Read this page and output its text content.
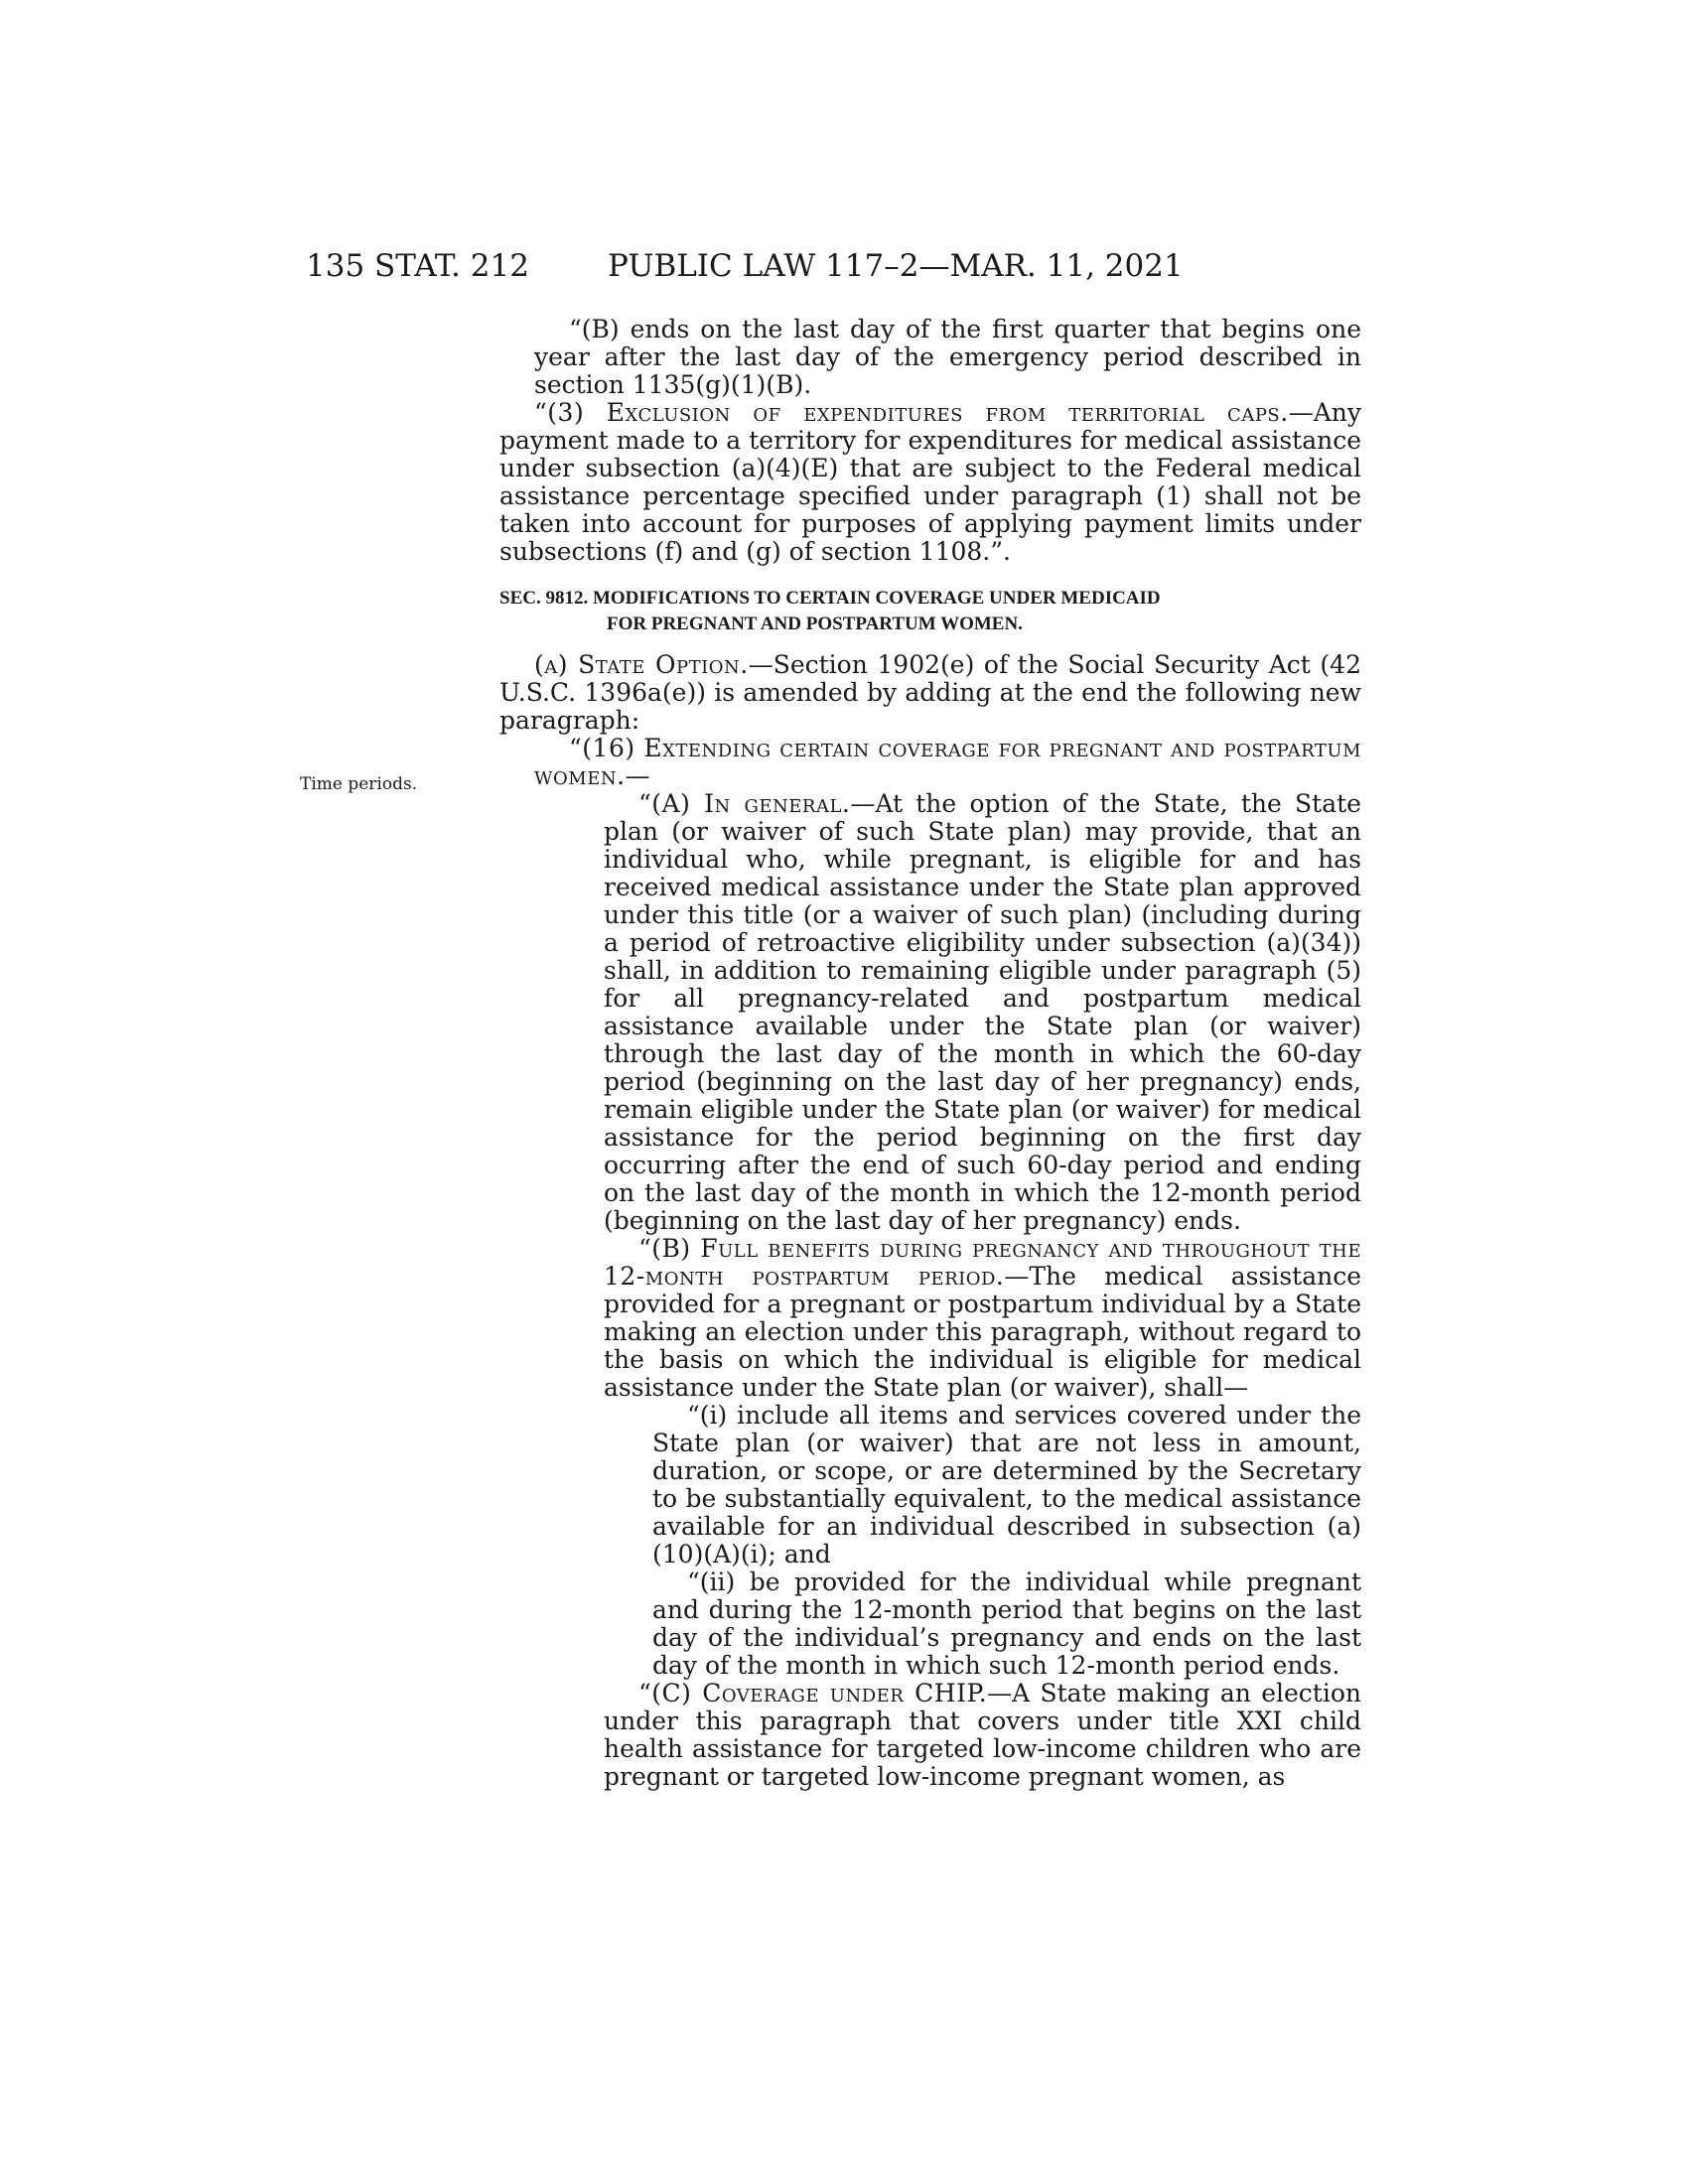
135 STAT. 212	PUBLIC LAW 117–2—MAR. 11, 2021
Time periods.

“(B) ends on the last day of the first quarter that begins one year after the last day of the emergency period described in section 1135(g)(1)(B).

“(3) Exclusion of expenditures from territorial caps.—Any payment made to a territory for expenditures for medical assistance under subsection (a)(4)(E) that are subject to the Federal medical assistance percentage specified under paragraph (1) shall not be taken into account for purposes of applying payment limits under subsections (f) and (g) of section 1108.”.

SEC. 9812. MODIFICATIONS TO CERTAIN COVERAGE UNDER MEDICAID
FOR PREGNANT AND POSTPARTUM WOMEN.

(a) State Option.—Section 1902(e) of the Social Security Act (42 U.S.C. 1396a(e)) is amended by adding at the end the following new paragraph:

“(16) Extending certain coverage for pregnant and postpartum women.—

“(A) In general.—At the option of the State, the State plan (or waiver of such State plan) may provide, that an individual who, while pregnant, is eligible for and has received medical assistance under the State plan approved under this title (or a waiver of such plan) (including during a period of retroactive eligibility under subsection (a)(34)) shall, in addition to remaining eligible under paragraph (5) for all pregnancy-related and postpartum medical assistance available under the State plan (or waiver) through the last day of the month in which the 60-day period (beginning on the last day of her pregnancy) ends, remain eligible under the State plan (or waiver) for medical assistance for the period beginning on the first day occurring after the end of such 60-day period and ending on the last day of the month in which the 12-month period (beginning on the last day of her pregnancy) ends.

“(B) Full benefits during pregnancy and throughout the 12-month postpartum period.—The medical assistance provided for a pregnant or postpartum individual by a State making an election under this paragraph, without regard to the basis on which the individual is eligible for medical assistance under the State plan (or waiver), shall—

“(i) include all items and services covered under the State plan (or waiver) that are not less in amount, duration, or scope, or are determined by the Secretary to be substantially equivalent, to the medical assistance available for an individual described in subsection (a)(10)(A)(i); and

“(ii) be provided for the individual while pregnant and during the 12-month period that begins on the last day of the individual’s pregnancy and ends on the last day of the month in which such 12-month period ends.

“(C) Coverage under CHIP.—A State making an election under this paragraph that covers under title XXI child health assistance for targeted low-income children who are pregnant or targeted low-income pregnant women, as
